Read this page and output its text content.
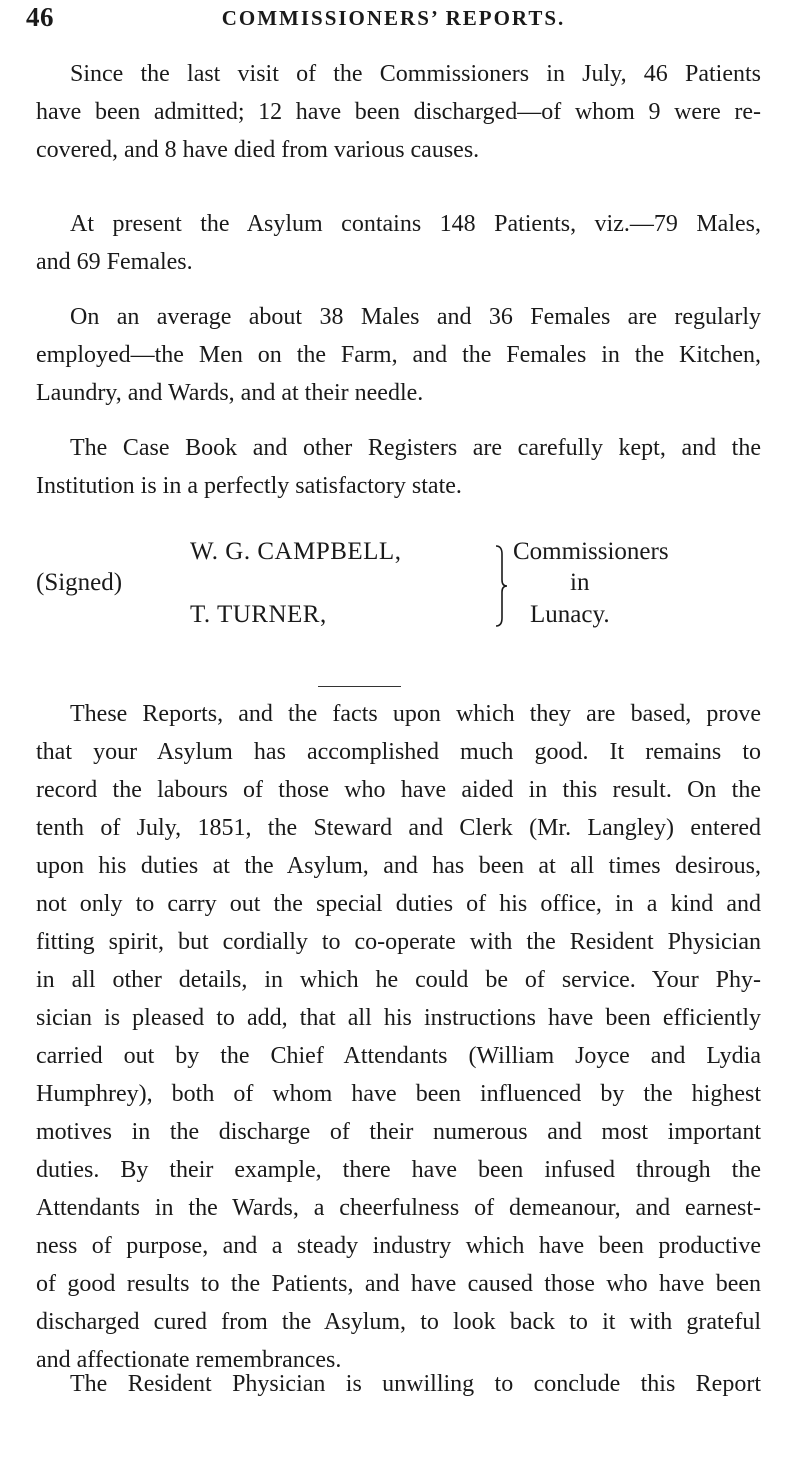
46	COMMISSIONERS’ REPORTS.

Since the last visit of the Commissioners in July, 46 Patients
have been admitted; 12 have been discharged—of whom 9 were re-
covered, and 8 have died from various causes.

At present the Asylum contains 148 Patients, viz.—79 Males,
and 69 Females.

On an average about 38 Males and 36 Females are regularly
employed—the Men on the Farm, and the Females in the Kitchen,
Laundry, and Wards, and at their needle.

The Case Book and other Registers are carefully kept, and the
Institution is in a perfectly satisfactory state.

(Signed)
W. G. CAMPBELL,
T. TURNER,
Commissioners
in
Lunacy.

These Reports, and the facts upon which they are based, prove
that your Asylum has accomplished much good. It remains to
record the labours of those who have aided in this result. On the
tenth of July, 1851, the Steward and Clerk (Mr. Langley) entered
upon his duties at the Asylum, and has been at all times desirous,
not only to carry out the special duties of his office, in a kind and
fitting spirit, but cordially to co-operate with the Resident Physician
in all other details, in which he could be of service. Your Phy-
sician is pleased to add, that all his instructions have been efficiently
carried out by the Chief Attendants (William Joyce and Lydia
Humphrey), both of whom have been influenced by the highest
motives in the discharge of their numerous and most important
duties. By their example, there have been infused through the
Attendants in the Wards, a cheerfulness of demeanour, and earnest-
ness of purpose, and a steady industry which have been productive
of good results to the Patients, and have caused those who have been
discharged cured from the Asylum, to look back to it with grateful
and affectionate remembrances.

The Resident Physician is unwilling to conclude this Report
